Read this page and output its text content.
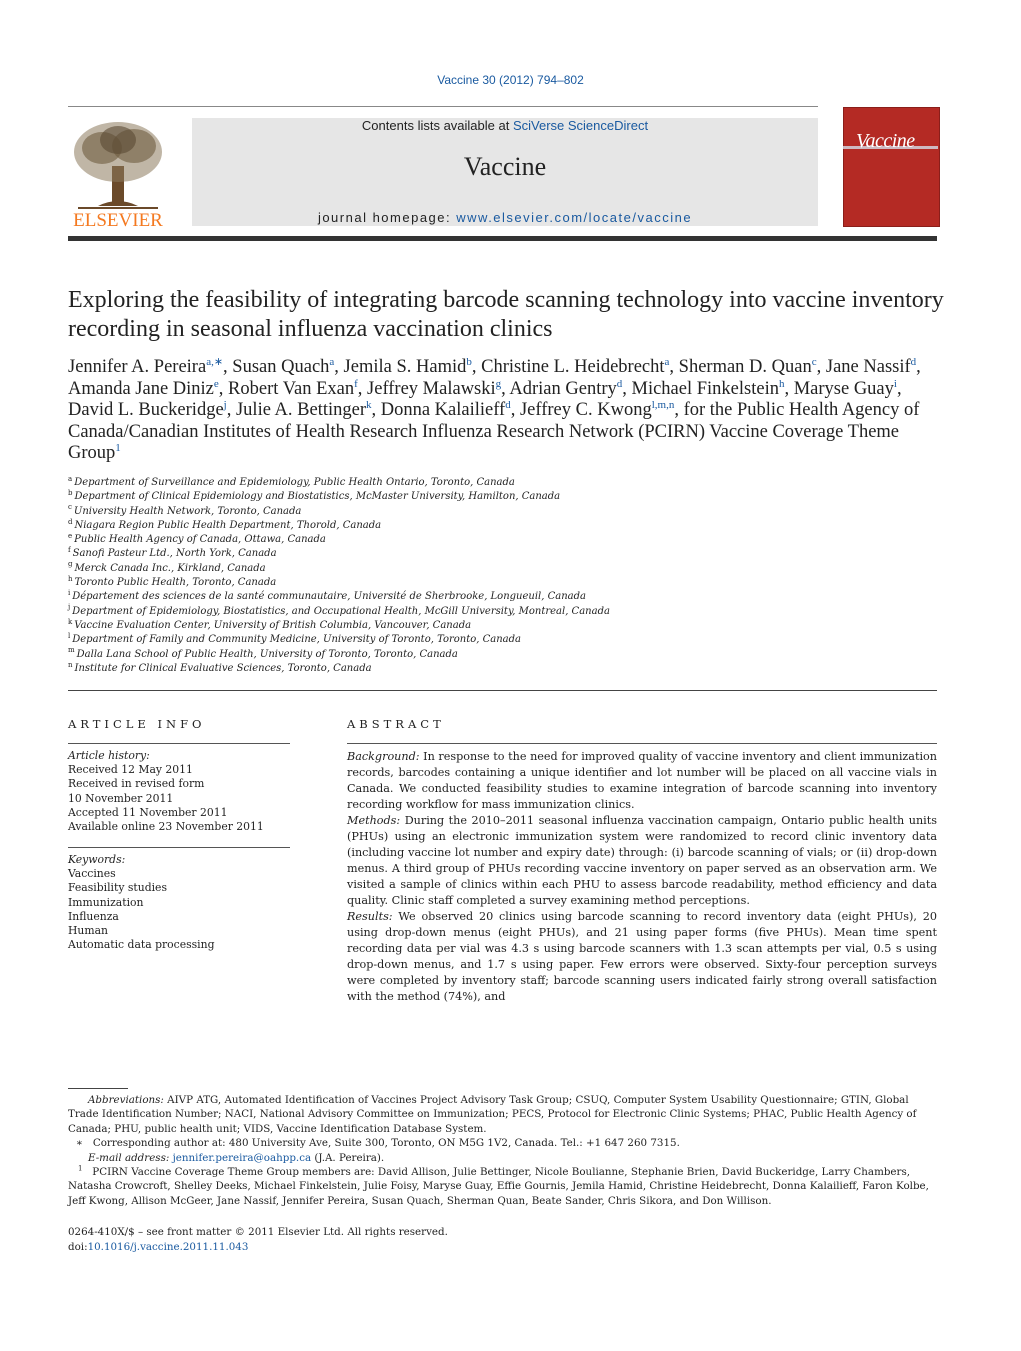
Vaccine 30 (2012) 794–802
ELSEVIER
Contents lists available at SciVerse ScienceDirect
Vaccine
journal homepage: www.elsevier.com/locate/vaccine
Vaccine
Exploring the feasibility of integrating barcode scanning technology into vaccine inventory recording in seasonal influenza vaccination clinics
Jennifer A. Pereira$^{a,∗}$, Susan Quach$^a$, Jemila S. Hamid$^b$, Christine L. Heidebrecht$^a$, Sherman D. Quan$^c$, Jane Nassif$^d$, Amanda Jane Diniz$^e$, Robert Van Exan$^f$, Jeffrey Malawski$^g$, Adrian Gentry$^d$, Michael Finkelstein$^h$, Maryse Guay$^i$, David L. Buckeridge$^j$, Julie A. Bettinger$^k$, Donna Kalailieff$^d$, Jeffrey C. Kwong$^{l,m,n}$, for the Public Health Agency of Canada/Canadian Institutes of Health Research Influenza Research Network (PCIRN) Vaccine Coverage Theme Group$^1$
$^a$ Department of Surveillance and Epidemiology, Public Health Ontario, Toronto, Canada
$^b$ Department of Clinical Epidemiology and Biostatistics, McMaster University, Hamilton, Canada
$^c$ University Health Network, Toronto, Canada
$^d$ Niagara Region Public Health Department, Thorold, Canada
$^e$ Public Health Agency of Canada, Ottawa, Canada
$^f$ Sanofi Pasteur Ltd., North York, Canada
$^g$ Merck Canada Inc., Kirkland, Canada
$^h$ Toronto Public Health, Toronto, Canada
$^i$ Département des sciences de la santé communautaire, Université de Sherbrooke, Longueuil, Canada
$^j$ Department of Epidemiology, Biostatistics, and Occupational Health, McGill University, Montreal, Canada
$^k$ Vaccine Evaluation Center, University of British Columbia, Vancouver, Canada
$^l$ Department of Family and Community Medicine, University of Toronto, Toronto, Canada
$^m$ Dalla Lana School of Public Health, University of Toronto, Toronto, Canada
$^n$ Institute for Clinical Evaluative Sciences, Toronto, Canada
ARTICLE INFO
Article history:
Received 12 May 2011
Received in revised form
10 November 2011
Accepted 11 November 2011
Available online 23 November 2011
Keywords:
Vaccines
Feasibility studies
Immunization
Influenza
Human
Automatic data processing
ABSTRACT

Background: In response to the need for improved quality of vaccine inventory and client immunization records, barcodes containing a unique identifier and lot number will be placed on all vaccine vials in Canada. We conducted feasibility studies to examine integration of barcode scanning into inventory recording workflow for mass immunization clinics.

Methods: During the 2010–2011 seasonal influenza vaccination campaign, Ontario public health units (PHUs) using an electronic immunization system were randomized to record clinic inventory data (including vaccine lot number and expiry date) through: (i) barcode scanning of vials; or (ii) drop-down menus. A third group of PHUs recording vaccine inventory on paper served as an observation arm. We visited a sample of clinics within each PHU to assess barcode readability, method efficiency and data quality. Clinic staff completed a survey examining method perceptions.

Results: We observed 20 clinics using barcode scanning to record inventory data (eight PHUs), 20 using drop-down menus (eight PHUs), and 21 using paper forms (five PHUs). Mean time spent recording data per vial was 4.3 s using barcode scanners with 1.3 scan attempts per vial, 0.5 s using drop-down menus, and 1.7 s using paper. Few errors were observed. Sixty-four perception surveys were completed by inventory staff; barcode scanning users indicated fairly strong overall satisfaction with the method (74%), and

Abbreviations: AIVP ATG, Automated Identification of Vaccines Project Advisory Task Group; CSUQ, Computer System Usability Questionnaire; GTIN, Global Trade Identification Number; NACI, National Advisory Committee on Immunization; PECS, Protocol for Electronic Clinic Systems; PHAC, Public Health Agency of Canada; PHU, public health unit; VIDS, Vaccine Identification Database System.

∗ Corresponding author at: 480 University Ave, Suite 300, Toronto, ON M5G 1V2, Canada. Tel.: +1 647 260 7315.

E-mail address: jennifer.pereira@oahpp.ca (J.A. Pereira).

$^1$ PCIRN Vaccine Coverage Theme Group members are: David Allison, Julie Bettinger, Nicole Boulianne, Stephanie Brien, David Buckeridge, Larry Chambers, Natasha Crowcroft, Shelley Deeks, Michael Finkelstein, Julie Foisy, Maryse Guay, Effie Gournis, Jemila Hamid, Christine Heidebrecht, Donna Kalailieff, Faron Kolbe, Jeff Kwong, Allison McGeer, Jane Nassif, Jennifer Pereira, Susan Quach, Sherman Quan, Beate Sander, Chris Sikora, and Don Willison.

0264-410X/$ – see front matter © 2011 Elsevier Ltd. All rights reserved.
doi:10.1016/j.vaccine.2011.11.043
